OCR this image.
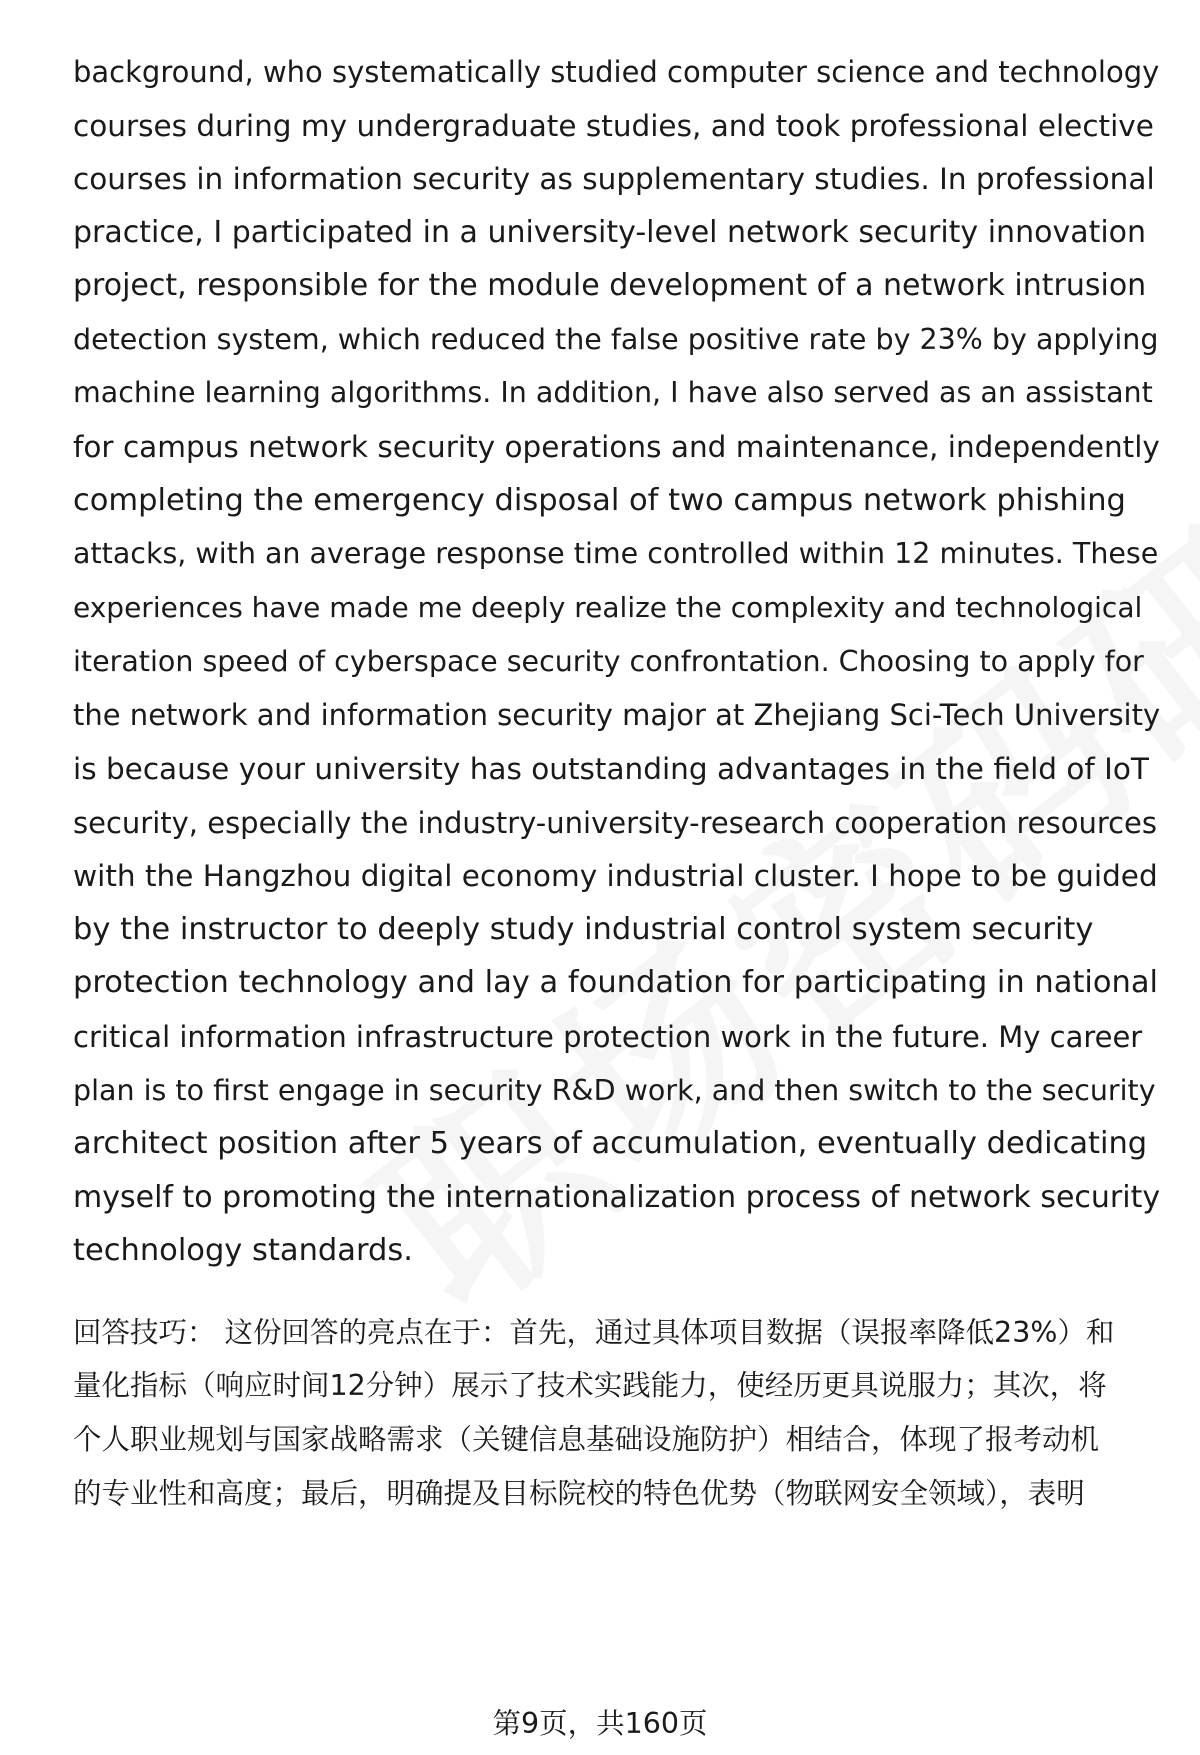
background, who systematically studied computer science and technology
courses during my undergraduate studies, and took professional elective
courses in information security as supplementary studies. In professional
practice, I participated in a university-level network security innovation
project, responsible for the module development of a network intrusion
detection system, which reduced the false positive rate by 23% by applying
machine learning algorithms. In addition, I have also served as an assistant
for campus network security operations and maintenance, independently
completing the emergency disposal of two campus network phishing
attacks, with an average response time controlled within 12 minutes. These
experiences have made me deeply realize the complexity and technological
iteration speed of cyberspace security confrontation. Choosing to apply for
the network and information security major at Zhejiang Sci-Tech University
is because your university has outstanding advantages in the field of IoT
security, especially the industry-university-research cooperation resources
with the Hangzhou digital economy industrial cluster. I hope to be guided
by the instructor to deeply study industrial control system security
protection technology and lay a foundation for participating in national
critical information infrastructure protection work in the future. My career
plan is to first engage in security R&D work, and then switch to the security
architect position after 5 years of accumulation, eventually dedicating
myself to promoting the internationalization process of network security
technology standards.
回答技巧： 这份回答的亮点在于：首先，通过具体项目数据（误报率降低23%）和
量化指标（响应时间12分钟）展示了技术实践能力，使经历更具说服力；其次，将
个人职业规划与国家战略需求（关键信息基础设施防护）相结合，体现了报考动机
的专业性和高度；最后，明确提及目标院校的特色优势（物联网安全领域），表明
第9页，共160页
